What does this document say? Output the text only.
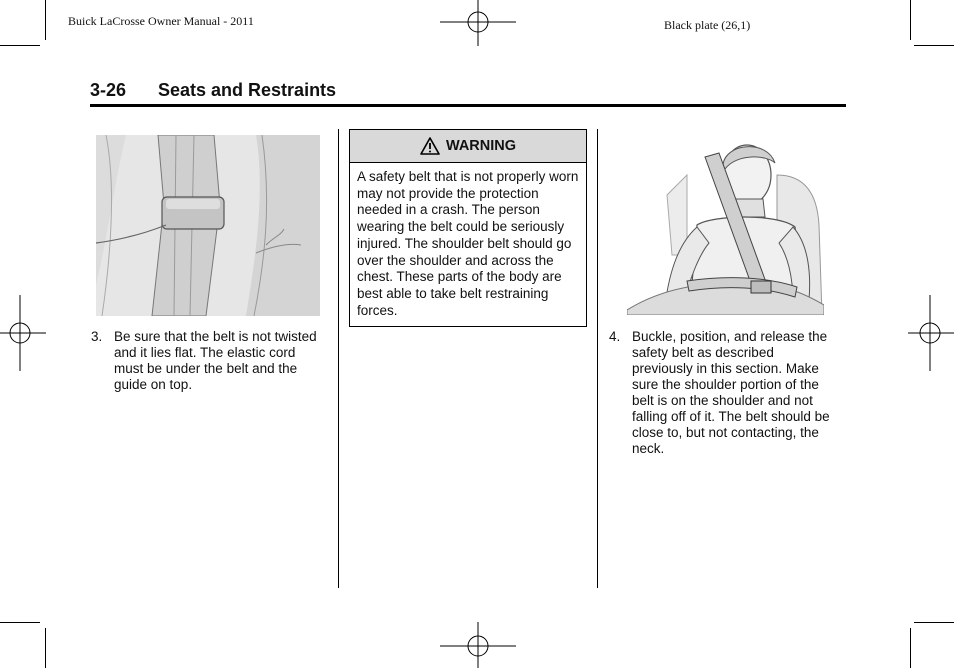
Buick LaCrosse Owner Manual - 2011	Black plate (26,1)
3-26 Seats and Restraints
3. Be sure that the belt is not twisted and it lies flat. The elastic cord must be under the belt and the guide on top.
WARNING
A safety belt that is not properly worn may not provide the protection needed in a crash. The person wearing the belt could be seriously injured. The shoulder belt should go over the shoulder and across the chest. These parts of the body are best able to take belt restraining forces.
4. Buckle, position, and release the safety belt as described previously in this section. Make sure the shoulder portion of the belt is on the shoulder and not falling off of it. The belt should be close to, but not contacting, the neck.
